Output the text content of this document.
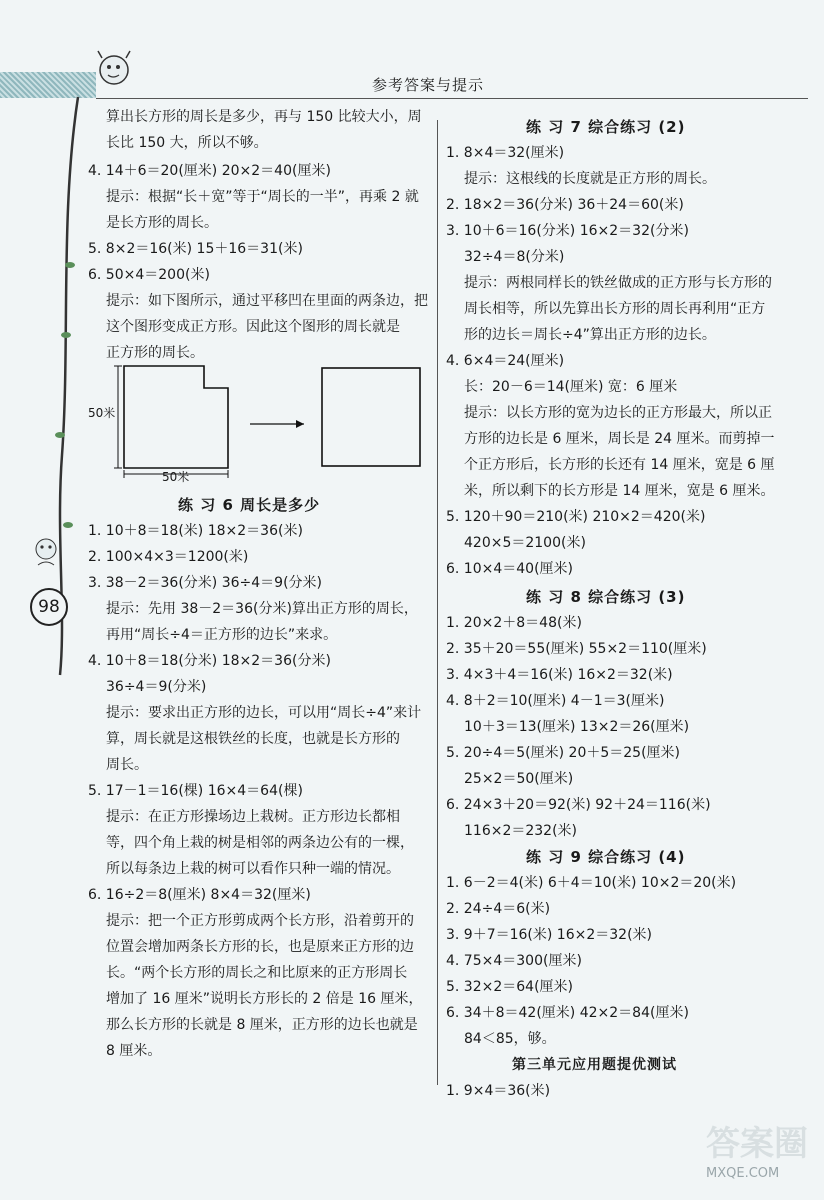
参考答案与提示
98
算出长方形的周长是多少，再与 150 比较大小，周
长比 150 大，所以不够。
4. 14＋6＝20(厘米) 20×2＝40(厘米)
提示：根据“长＋宽”等于“周长的一半”，再乘 2 就
是长方形的周长。
5. 8×2＝16(米) 15＋16＝31(米)
6. 50×4＝200(米)
提示：如下图所示，通过平移凹在里面的两条边，把
这个图形变成正方形。因此这个图形的周长就是
正方形的周长。
50米
50米
练 习 6 周长是多少
1. 10＋8＝18(米) 18×2＝36(米)
2. 100×4×3＝1200(米)
3. 38－2＝36(分米) 36÷4＝9(分米)
提示：先用 38－2＝36(分米)算出正方形的周长，
再用“周长÷4＝正方形的边长”来求。
4. 10＋8＝18(分米) 18×2＝36(分米)
36÷4＝9(分米)
提示：要求出正方形的边长，可以用“周长÷4”来计
算，周长就是这根铁丝的长度，也就是长方形的
周长。
5. 17－1＝16(棵) 16×4＝64(棵)
提示：在正方形操场边上栽树。正方形边长都相
等，四个角上栽的树是相邻的两条边公有的一棵，
所以每条边上栽的树可以看作只种一端的情况。
6. 16÷2＝8(厘米) 8×4＝32(厘米)
提示：把一个正方形剪成两个长方形，沿着剪开的
位置会增加两条长方形的长，也是原来正方形的边
长。“两个长方形的周长之和比原来的正方形周长
增加了 16 厘米”说明长方形长的 2 倍是 16 厘米，
那么长方形的长就是 8 厘米，正方形的边长也就是
8 厘米。
练 习 7 综合练习 (2)
1. 8×4＝32(厘米)
提示：这根线的长度就是正方形的周长。
2. 18×2＝36(分米) 36＋24＝60(米)
3. 10＋6＝16(分米) 16×2＝32(分米)
32÷4＝8(分米)
提示：两根同样长的铁丝做成的正方形与长方形的
周长相等，所以先算出长方形的周长再利用“正方
形的边长＝周长÷4”算出正方形的边长。
4. 6×4＝24(厘米)
长：20－6＝14(厘米) 宽：6 厘米
提示：以长方形的宽为边长的正方形最大，所以正
方形的边长是 6 厘米，周长是 24 厘米。而剪掉一
个正方形后，长方形的长还有 14 厘米，宽是 6 厘
米，所以剩下的长方形是 14 厘米，宽是 6 厘米。
5. 120＋90＝210(米) 210×2＝420(米)
420×5＝2100(米)
6. 10×4＝40(厘米)
练 习 8 综合练习 (3)
1. 20×2＋8＝48(米)
2. 35＋20＝55(厘米) 55×2＝110(厘米)
3. 4×3＋4＝16(米) 16×2＝32(米)
4. 8＋2＝10(厘米) 4－1＝3(厘米)
10＋3＝13(厘米) 13×2＝26(厘米)
5. 20÷4＝5(厘米) 20＋5＝25(厘米)
25×2＝50(厘米)
6. 24×3＋20＝92(米) 92＋24＝116(米)
116×2＝232(米)
练 习 9 综合练习 (4)
1. 6－2＝4(米) 6＋4＝10(米) 10×2＝20(米)
2. 24÷4＝6(米)
3. 9＋7＝16(米) 16×2＝32(米)
4. 75×4＝300(厘米)
5. 32×2＝64(厘米)
6. 34＋8＝42(厘米) 42×2＝84(厘米)
84＜85，够。
第三单元应用题提优测试
1. 9×4＝36(米)
答案圈
MXQE.COM
